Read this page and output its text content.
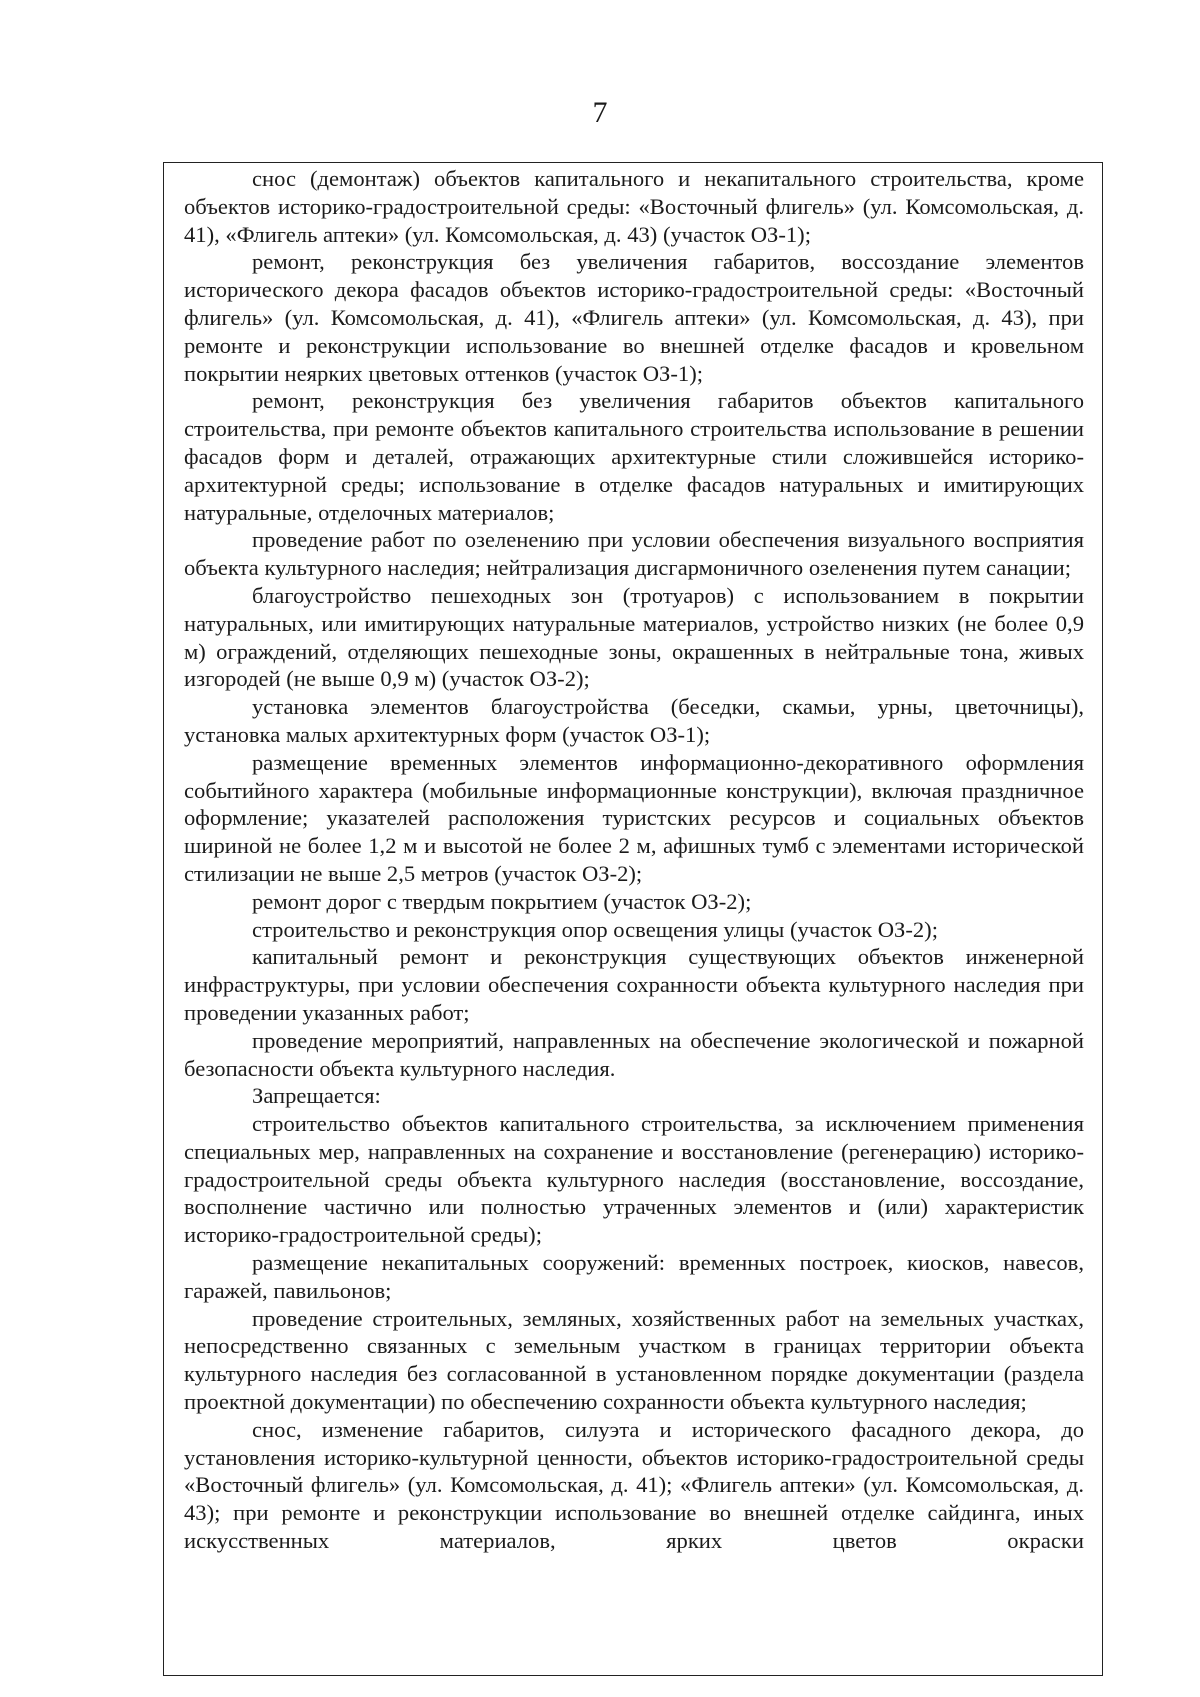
7

снос (демонтаж) объектов капитального и некапитального строительства, кроме объектов историко-градостроительной среды: «Восточный флигель» (ул. Комсомольская, д. 41), «Флигель аптеки» (ул. Комсомольская, д. 43) (участок ОЗ-1);

ремонт, реконструкция без увеличения габаритов, воссоздание элементов исторического декора фасадов объектов историко-градостроительной среды: «Восточный флигель» (ул. Комсомольская, д. 41), «Флигель аптеки» (ул. Комсомольская, д. 43), при ремонте и реконструкции использование во внешней отделке фасадов и кровельном покрытии неярких цветовых оттенков (участок ОЗ-1);

ремонт, реконструкция без увеличения габаритов объектов капитального строительства, при ремонте объектов капитального строительства использование в решении фасадов форм и деталей, отражающих архитектурные стили сложившейся историко-архитектурной среды; использование в отделке фасадов натуральных и имитирующих натуральные, отделочных материалов;

проведение работ по озеленению при условии обеспечения визуального восприятия объекта культурного наследия; нейтрализация дисгармоничного озеленения путем санации;

благоустройство пешеходных зон (тротуаров) с использованием в покрытии натуральных, или имитирующих натуральные материалов, устройство низких (не более 0,9 м) ограждений, отделяющих пешеходные зоны, окрашенных в нейтральные тона, живых изгородей (не выше 0,9 м) (участок ОЗ-2);

установка элементов благоустройства (беседки, скамьи, урны, цветочницы), установка малых архитектурных форм (участок ОЗ-1);

размещение временных элементов информационно-декоративного оформления событийного характера (мобильные информационные конструкции), включая праздничное оформление; указателей расположения туристских ресурсов и социальных объектов шириной не более 1,2 м и высотой не более 2 м, афишных тумб с элементами исторической стилизации не выше 2,5 метров (участок ОЗ-2);

ремонт дорог с твердым покрытием (участок ОЗ-2);

строительство и реконструкция опор освещения улицы (участок ОЗ-2);

капитальный ремонт и реконструкция существующих объектов инженерной инфраструктуры, при условии обеспечения сохранности объекта культурного наследия при проведении указанных работ;

проведение мероприятий, направленных на обеспечение экологической и пожарной безопасности объекта культурного наследия.

Запрещается:

строительство объектов капитального строительства, за исключением применения специальных мер, направленных на сохранение и восстановление (регенерацию) историко-градостроительной среды объекта культурного наследия (восстановление, воссоздание, восполнение частично или полностью утраченных элементов и (или) характеристик историко-градостроительной среды);

размещение некапитальных сооружений: временных построек, киосков, навесов, гаражей, павильонов;

проведение строительных, земляных, хозяйственных работ на земельных участках, непосредственно связанных с земельным участком в границах территории объекта культурного наследия без согласованной в установленном порядке документации (раздела проектной документации) по обеспечению сохранности объекта культурного наследия;

снос, изменение габаритов, силуэта и исторического фасадного декора, до установления историко-культурной ценности, объектов историко-градостроительной среды «Восточный флигель» (ул. Комсомольская, д. 41); «Флигель аптеки» (ул. Комсомольская, д. 43); при ремонте и реконструкции использование во внешней отделке сайдинга, иных искусственных материалов, ярких цветов окраски
